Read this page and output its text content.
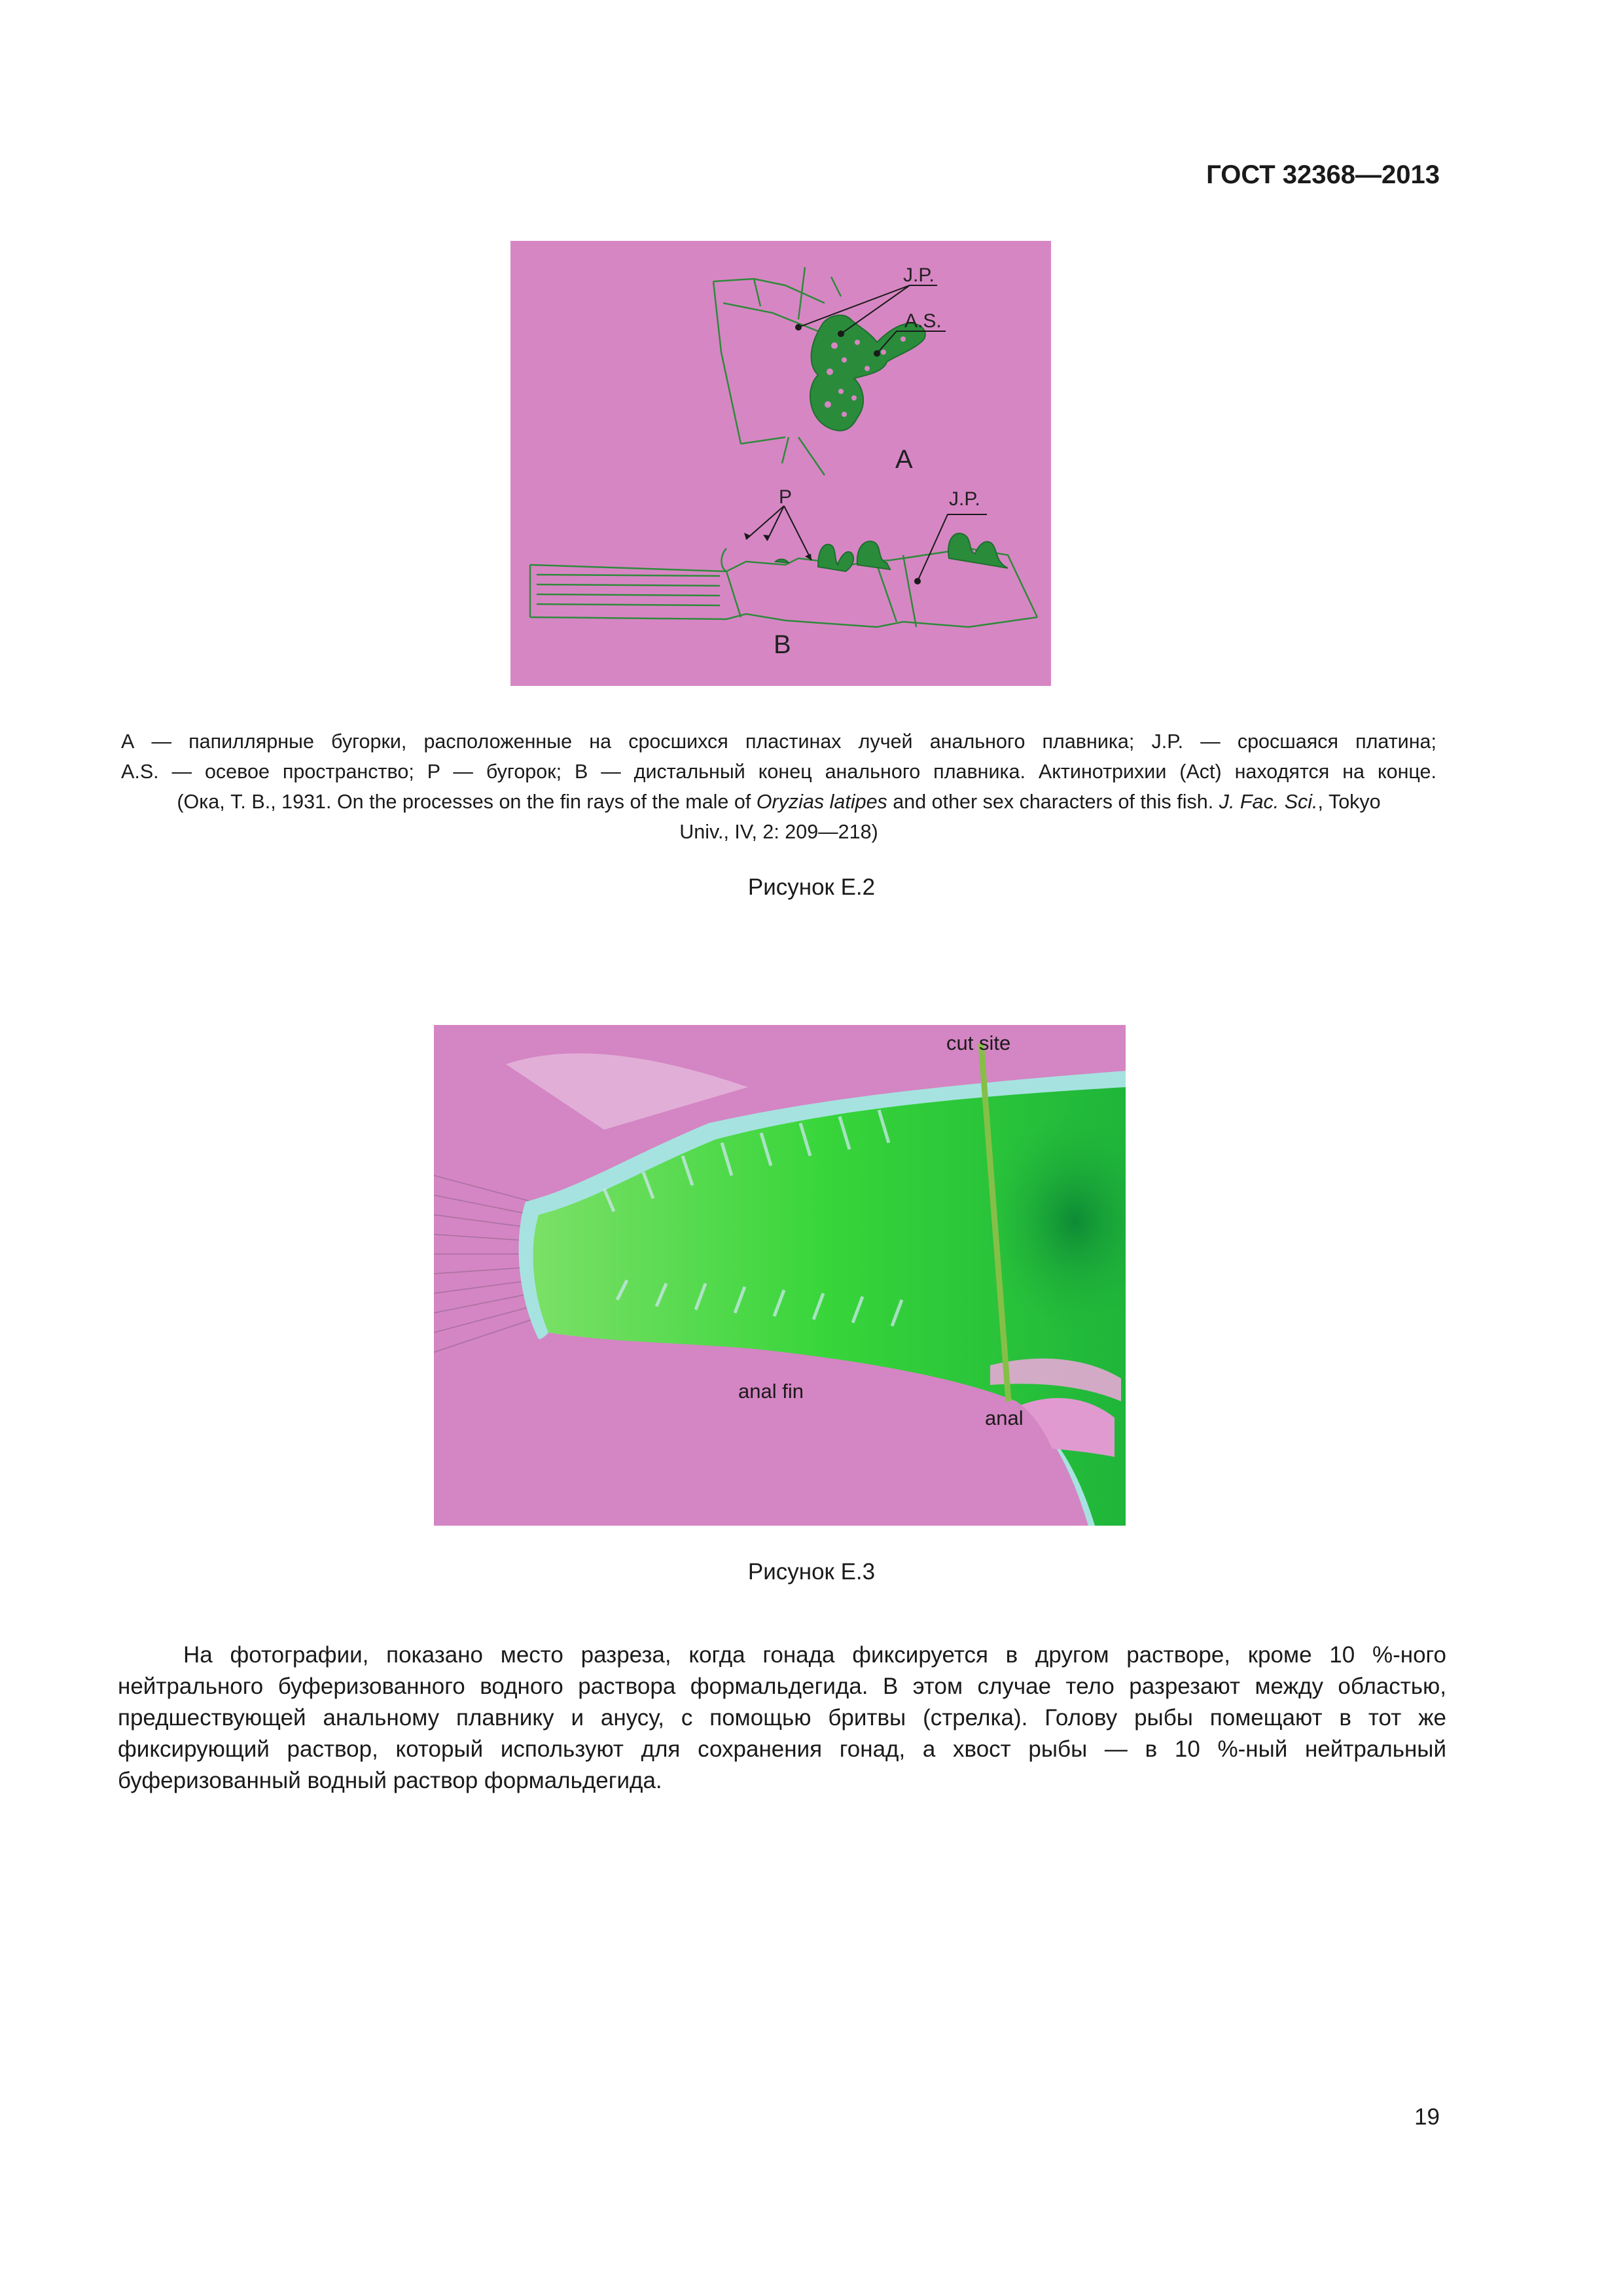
ГОСТ 32368—2013
J.P.
A.S.
A
P	J.P.
B
А — папиллярные бугорки, расположенные на сросшихся пластинах лучей анального плавника; J.P. — сросшаяся платина;
A.S. — осевое пространство; P — бугорок; B — дистальный конец анального плавника. Актинотрихии (Act) находятся на конце.
(Ока, Т. В., 1931. On the processes on the fin rays of the male of Oryzias latipes and other sex characters of this fish. J. Fac. Sci., Tokyo
Univ., IV, 2: 209—218)
Рисунок Е.2
cut site
anal fin
anal
Рисунок Е.3
На фотографии, показано место разреза, когда гонада фиксируется в другом растворе, кроме 10 %-ного нейтрального буферизованного водного раствора формальдегида. В этом случае тело разрезают между областью, предшествующей анальному плавнику и анусу, с помощью бритвы (стрелка). Голову рыбы помещают в тот же фиксирующий раствор, который используют для сохранения гонад, а хвост рыбы — в 10 %-ный нейтральный буферизованный водный раствор формальдегида.
19
